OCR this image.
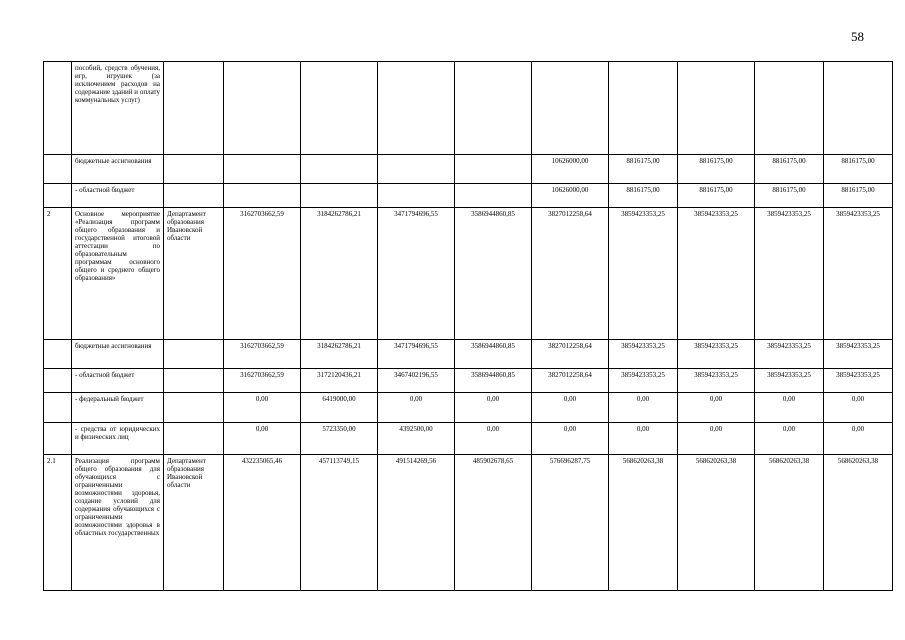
58
	пособий, средств обучения, игр, игрушек (за исключением расходов на содержание зданий и оплату коммунальных услуг)										
	бюджетные ассигнования						10626000,00	8816175,00	8816175,00	8816175,00	8816175,00
	- областной бюджет						10626000,00	8816175,00	8816175,00	8816175,00	8816175,00
2	Основное мероприятие «Реализация программ общего образования и государственной итоговой аттестации по образовательным программам основного общего и среднего общего образования»	Департамент образования Ивановской области	3162703662,59	3184262786,21	3471794696,55	3586944860,85	3827012258,64	3859423353,25	3859423353,25	3859423353,25	3859423353,25
	бюджетные ассигнования		3162703662,59	3184262786,21	3471794696,55	3586944860,85	3827012258,64	3859423353,25	3859423353,25	3859423353,25	3859423353,25
	- областной бюджет		3162703662,59	3172120436,21	3467402196,55	3586944860,85	3827012258,64	3859423353,25	3859423353,25	3859423353,25	3859423353,25
	- федеральный бюджет		0,00	6419000,00	0,00	0,00	0,00	0,00	0,00	0,00	0,00
	- средства от юридических и физических лиц		0,00	5723350,00	4392500,00	0,00	0,00	0,00	0,00	0,00	0,00
2.1	Реализация программ общего образования для обучающихся с ограниченными возможностями здоровья, создание условий для содержания обучающихся с ограниченными возможностями здоровья в областных государственных	Департамент образования Ивановской области	432235065,46	457113749,15	491514269,56	485902678,65	576696287,75	568620263,38	568620263,38	568620263,38	568620263,38
